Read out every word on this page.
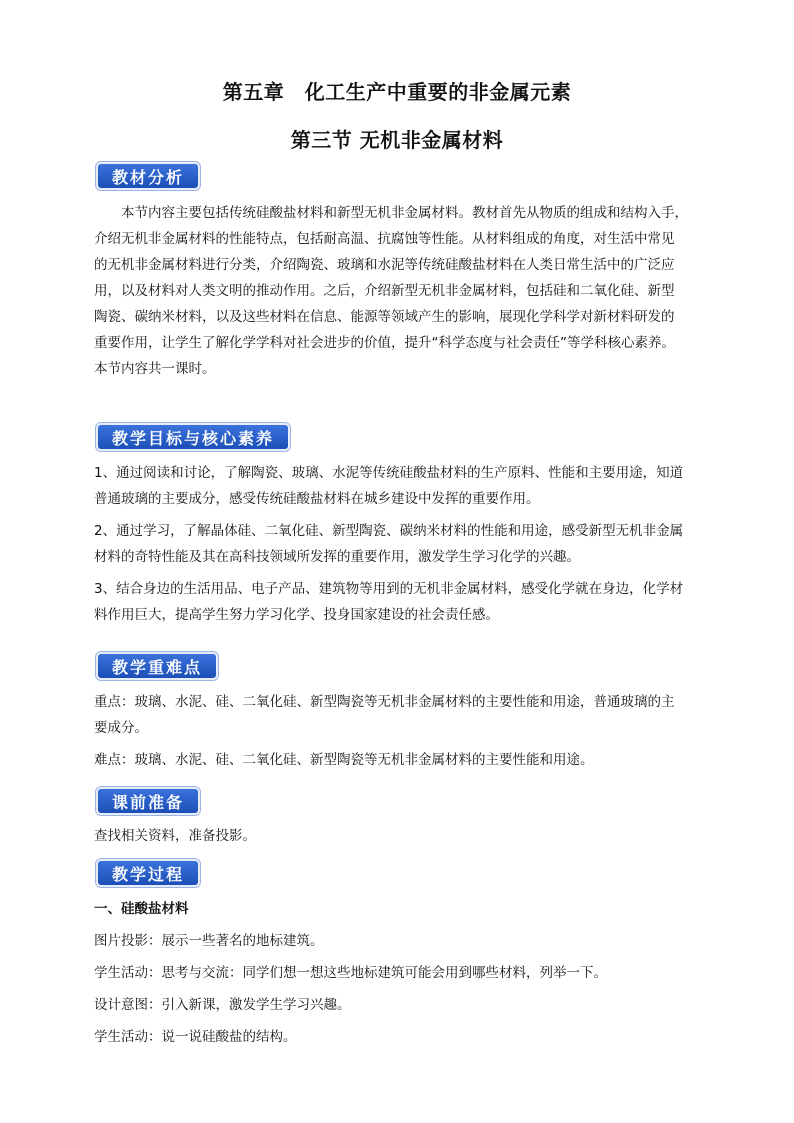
第五章　化工生产中重要的非金属元素
第三节 无机非金属材料
教材分析

本节内容主要包括传统硅酸盐材料和新型无机非金属材料。教材首先从物质的组成和结构入手，

介绍无机非金属材料的性能特点，包括耐高温、抗腐蚀等性能。从材料组成的角度，对生活中常见

的无机非金属材料进行分类，介绍陶瓷、玻璃和水泥等传统硅酸盐材料在人类日常生活中的广泛应

用，以及材料对人类文明的推动作用。之后，介绍新型无机非金属材料，包括硅和二氧化硅、新型

陶瓷、碳纳米材料，以及这些材料在信息、能源等领域产生的影响，展现化学科学对新材料研发的

重要作用，让学生了解化学学科对社会进步的价值，提升“科学态度与社会责任”等学科核心素养。

本节内容共一课时。

教学目标与核心素养

1、通过阅读和讨论，了解陶瓷、玻璃、水泥等传统硅酸盐材料的生产原料、性能和主要用途，知道

普通玻璃的主要成分，感受传统硅酸盐材料在城乡建设中发挥的重要作用。

2、通过学习，了解晶体硅、二氧化硅、新型陶瓷、碳纳米材料的性能和用途，感受新型无机非金属

材料的奇特性能及其在高科技领域所发挥的重要作用，激发学生学习化学的兴趣。

3、结合身边的生活用品、电子产品、建筑物等用到的无机非金属材料，感受化学就在身边，化学材

料作用巨大，提高学生努力学习化学、投身国家建设的社会责任感。

教学重难点

重点：玻璃、水泥、硅、二氧化硅、新型陶瓷等无机非金属材料的主要性能和用途，普通玻璃的主

要成分。

难点：玻璃、水泥、硅、二氧化硅、新型陶瓷等无机非金属材料的主要性能和用途。

课前准备

查找相关资料，准备投影。

教学过程

一、硅酸盐材料

图片投影：展示一些著名的地标建筑。

学生活动：思考与交流：同学们想一想这些地标建筑可能会用到哪些材料，列举一下。

设计意图：引入新课，激发学生学习兴趣。

学生活动：说一说硅酸盐的结构。
